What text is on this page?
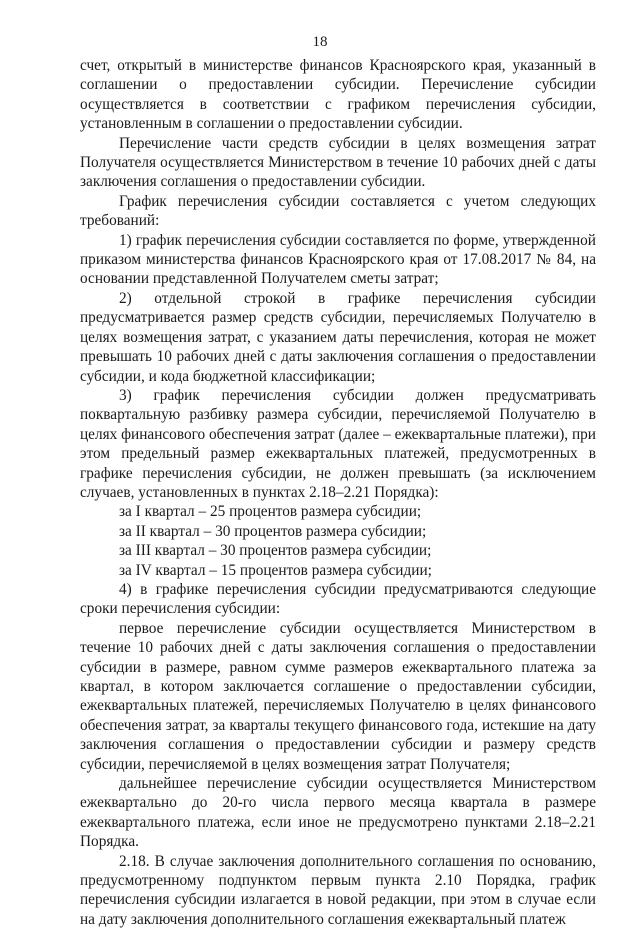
18

счет, открытый в министерстве финансов Красноярского края, указанный в соглашении о предоставлении субсидии. Перечисление субсидии осуществляется в соответствии с графиком перечисления субсидии, установленным в соглашении о предоставлении субсидии.

Перечисление части средств субсидии в целях возмещения затрат Получателя осуществляется Министерством в течение 10 рабочих дней с даты заключения соглашения о предоставлении субсидии.

График перечисления субсидии составляется с учетом следующих требований:

1) график перечисления субсидии составляется по форме, утвержденной приказом министерства финансов Красноярского края от 17.08.2017 № 84, на основании представленной Получателем сметы затрат;

2) отдельной строкой в графике перечисления субсидии предусматривается размер средств субсидии, перечисляемых Получателю в целях возмещения затрат, с указанием даты перечисления, которая не может превышать 10 рабочих дней с даты заключения соглашения о предоставлении субсидии, и кода бюджетной классификации;

3) график перечисления субсидии должен предусматривать поквартальную разбивку размера субсидии, перечисляемой Получателю в целях финансового обеспечения затрат (далее – ежеквартальные платежи), при этом предельный размер ежеквартальных платежей, предусмотренных в графике перечисления субсидии, не должен превышать (за исключением случаев, установленных в пунктах 2.18–2.21 Порядка):

за I квартал – 25 процентов размера субсидии;

за II квартал – 30 процентов размера субсидии;

за III квартал – 30 процентов размера субсидии;

за IV квартал – 15 процентов размера субсидии;

4) в графике перечисления субсидии предусматриваются следующие сроки перечисления субсидии:

первое перечисление субсидии осуществляется Министерством в течение 10 рабочих дней с даты заключения соглашения о предоставлении субсидии в размере, равном сумме размеров ежеквартального платежа за квартал, в котором заключается соглашение о предоставлении субсидии, ежеквартальных платежей, перечисляемых Получателю в целях финансового обеспечения затрат, за кварталы текущего финансового года, истекшие на дату заключения соглашения о предоставлении субсидии и размеру средств субсидии, перечисляемой в целях возмещения затрат Получателя;

дальнейшее перечисление субсидии осуществляется Министерством ежеквартально до 20-го числа первого месяца квартала в размере ежеквартального платежа, если иное не предусмотрено пунктами 2.18–2.21 Порядка.

2.18. В случае заключения дополнительного соглашения по основанию, предусмотренному подпунктом первым пункта 2.10 Порядка, график перечисления субсидии излагается в новой редакции, при этом в случае если на дату заключения дополнительного соглашения ежеквартальный платеж
